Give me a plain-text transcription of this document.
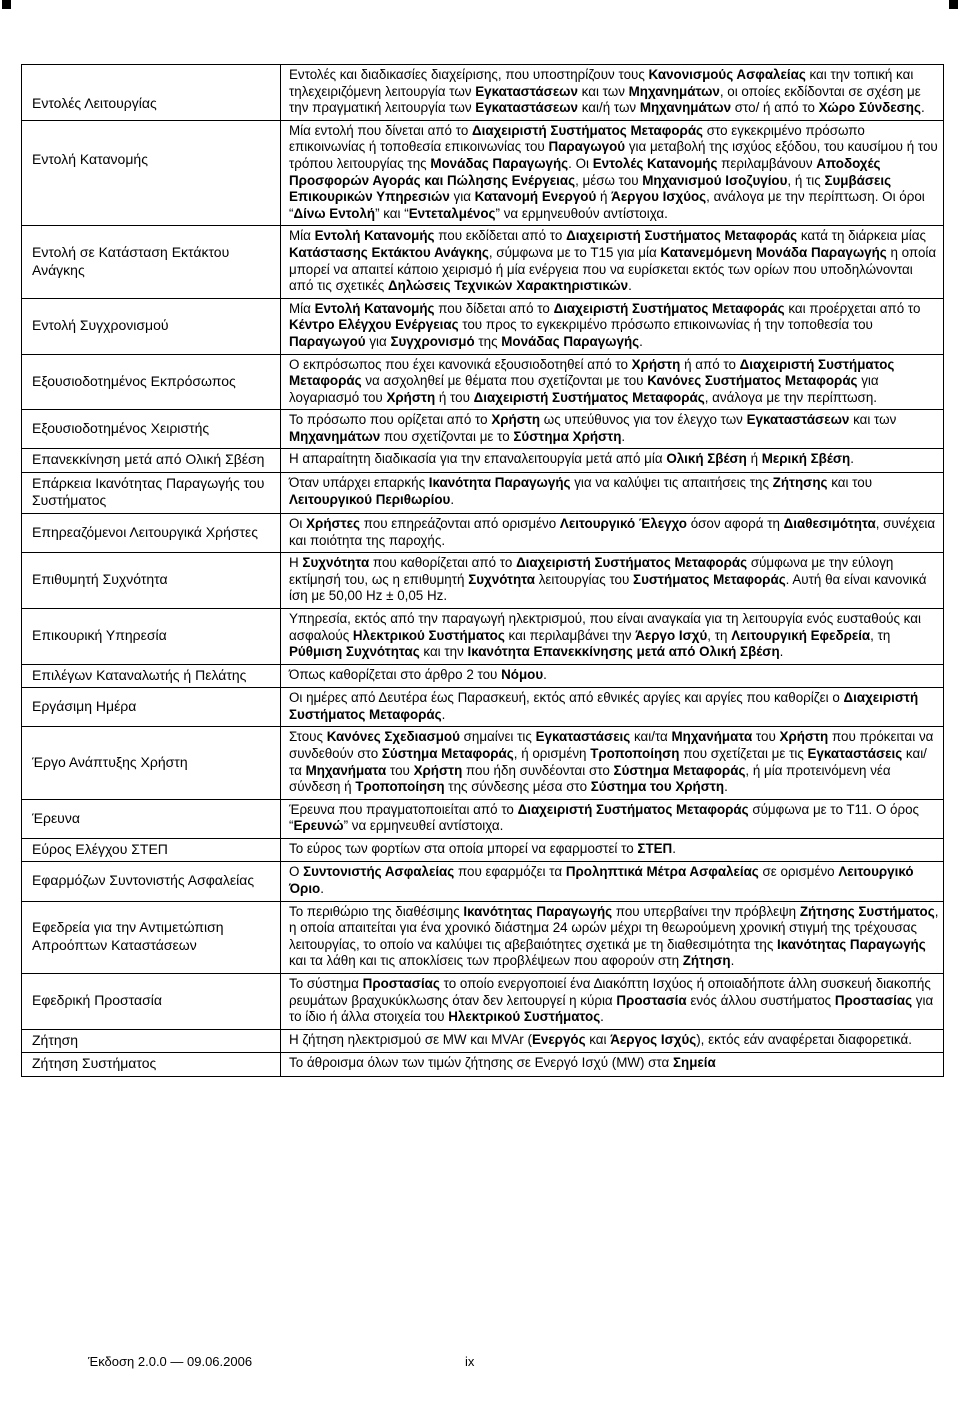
Εντολές Λειτουργίας	Εντολές και διαδικασίες διαχείρισης, που υποστηρίζουν τους Κανονισμούς Ασφαλείας και την τοπική και τηλεχειριζόμενη λειτουργία των Εγκαταστάσεων και των Μηχανημάτων, οι οποίες εκδίδονται σε σχέση με την πραγματική λειτουργία των Εγκαταστάσεων και/ή των Μηχανημάτων στο/ ή από το Χώρο Σύνδεσης.
Εντολή Κατανομής	Μία εντολή που δίνεται από το Διαχειριστή Συστήματος Μεταφοράς στο εγκεκριμένο πρόσωπο επικοινωνίας ή τοποθεσία επικοινωνίας του Παραγωγού για μεταβολή της ισχύος εξόδου, του καυσίμου ή του τρόπου λειτουργίας της Μονάδας Παραγωγής. Οι Εντολές Κατανομής περιλαμβάνουν Αποδοχές Προσφορών Αγοράς και Πώλησης Ενέργειας, μέσω του Μηχανισμού Ισοζυγίου, ή τις Συμβάσεις Επικουρικών Υπηρεσιών για Κατανομή Ενεργού ή Άεργου Ισχύος, ανάλογα με την περίπτωση. Οι όροι “Δίνω Εντολή” και “Εντεταλμένος” να ερμηνευθούν αντίστοιχα.
Εντολή σε Κατάσταση Εκτάκτου Ανάγκης	Μία Εντολή Κατανομής που εκδίδεται από το Διαχειριστή Συστήματος Μεταφοράς κατά τη διάρκεια μίας Κατάστασης Εκτάκτου Ανάγκης, σύμφωνα με το Τ15 για μία Κατανεμόμενη Μονάδα Παραγωγής η οποία μπορεί να απαιτεί κάποιο χειρισμό ή μία ενέργεια που να ευρίσκεται εκτός των ορίων που υποδηλώνονται από τις σχετικές Δηλώσεις Τεχνικών Χαρακτηριστικών.
Εντολή Συγχρονισμού	Μία Εντολή Κατανομής που δίδεται από το Διαχειριστή Συστήματος Μεταφοράς και προέρχεται από το Κέντρο Ελέγχου Ενέργειας του προς το εγκεκριμένο πρόσωπο επικοινωνίας ή την τοποθεσία του Παραγωγού για Συγχρονισμό της Μονάδας Παραγωγής.
Εξουσιοδοτημένος Εκπρόσωπος	Ο εκπρόσωπος που έχει κανονικά εξουσιοδοτηθεί από το Χρήστη ή από το Διαχειριστή Συστήματος Μεταφοράς να ασχοληθεί με θέματα που σχετίζονται με του Κανόνες Συστήματος Μεταφοράς για λογαριασμό του Χρήστη ή του Διαχειριστή Συστήματος Μεταφοράς, ανάλογα με την περίπτωση.
Εξουσιοδοτημένος Χειριστής	Το πρόσωπο που ορίζεται από το Χρήστη ως υπεύθυνος για τον έλεγχο των Εγκαταστάσεων και των Μηχανημάτων που σχετίζονται με το Σύστημα Χρήστη.
Επανεκκίνηση μετά από Ολική Σβέση	Η απαραίτητη διαδικασία για την επαναλειτουργία μετά από μία Ολική Σβέση ή Μερική Σβέση.
Επάρκεια Ικανότητας Παραγωγής του Συστήματος	Όταν υπάρχει επαρκής Ικανότητα Παραγωγής για να καλύψει τις απαιτήσεις της Ζήτησης και του Λειτουργικού Περιθωρίου.
Επηρεαζόμενοι Λειτουργικά Χρήστες	Οι Χρήστες που επηρεάζονται από ορισμένο Λειτουργικό Έλεγχο όσον αφορά τη Διαθεσιμότητα, συνέχεια και ποιότητα της παροχής.
Επιθυμητή Συχνότητα	Η Συχνότητα που καθορίζεται από το Διαχειριστή Συστήματος Μεταφοράς σύμφωνα με την εύλογη εκτίμησή του, ως η επιθυμητή Συχνότητα λειτουργίας του Συστήματος Μεταφοράς. Αυτή θα είναι κανονικά ίση με 50,00 Hz ± 0,05 Hz.
Επικουρική Υπηρεσία	Υπηρεσία, εκτός από την παραγωγή ηλεκτρισμού, που είναι αναγκαία για τη λειτουργία ενός ευσταθούς και ασφαλούς Ηλεκτρικού Συστήματος και περιλαμβάνει την Άεργο Ισχύ, τη Λειτουργική Εφεδρεία, τη Ρύθμιση Συχνότητας και την Ικανότητα Επανεκκίνησης μετά από Ολική Σβέση.
Επιλέγων Καταναλωτής ή Πελάτης	Όπως καθορίζεται στο άρθρο 2 του Νόμου.
Εργάσιμη Ημέρα	Οι ημέρες από Δευτέρα έως Παρασκευή, εκτός από εθνικές αργίες και αργίες που καθορίζει ο Διαχειριστή Συστήματος Μεταφοράς.
Έργο Ανάπτυξης Χρήστη	Στους Κανόνες Σχεδιασμού σημαίνει τις Εγκαταστάσεις και/τα Μηχανήματα του Χρήστη που πρόκειται να συνδεθούν στο Σύστημα Μεταφοράς, ή ορισμένη Τροποποίηση που σχετίζεται με τις Εγκαταστάσεις και/τα Μηχανήματα του Χρήστη που ήδη συνδέονται στο Σύστημα Μεταφοράς, ή μία προτεινόμενη νέα σύνδεση ή Τροποποίηση της σύνδεσης μέσα στο Σύστημα του Χρήστη.
Έρευνα	Έρευνα που πραγματοποιείται από το Διαχειριστή Συστήματος Μεταφοράς σύμφωνα με το Τ11. Ο όρος “Ερευνώ” να ερμηνευθεί αντίστοιχα.
Εύρος Ελέγχου ΣΤΕΠ	Το εύρος των φορτίων στα οποία μπορεί να εφαρμοστεί το ΣΤΕΠ.
Εφαρμόζων Συντονιστής Ασφαλείας	Ο Συντονιστής Ασφαλείας που εφαρμόζει τα Προληπτικά Μέτρα Ασφαλείας σε ορισμένο Λειτουργικό Όριο.
Εφεδρεία για την Αντιμετώπιση Απροόπτων Καταστάσεων	Το περιθώριο της διαθέσιμης Ικανότητας Παραγωγής που υπερβαίνει την πρόβλεψη Ζήτησης Συστήματος, η οποία απαιτείται για ένα χρονικό διάστημα 24 ωρών μέχρι τη θεωρούμενη χρονική στιγμή της τρέχουσας λειτουργίας, το οποίο να καλύψει τις αβεβαιότητες σχετικά με τη διαθεσιμότητα της Ικανότητας Παραγωγής και τα λάθη και τις αποκλίσεις των προβλέψεων που αφορούν στη Ζήτηση.
Εφεδρική Προστασία	Το σύστημα Προστασίας το οποίο ενεργοποιεί ένα Διακόπτη Ισχύος ή οποιαδήποτε άλλη συσκευή διακοπής ρευμάτων βραχυκύκλωσης όταν δεν λειτουργεί η κύρια Προστασία ενός άλλου συστήματος Προστασίας για το ίδιο ή άλλα στοιχεία του Ηλεκτρικού Συστήματος.
Ζήτηση	Η ζήτηση ηλεκτρισμού σε MW και MVAr (Ενεργός και Άεργος Ισχύς), εκτός εάν αναφέρεται διαφορετικά.
Ζήτηση Συστήματος	Το άθροισμα όλων των τιμών ζήτησης σε Ενεργό Ισχύ (MW) στα Σημεία
Έκδοση 2.0.0 — 09.06.2006	ix
